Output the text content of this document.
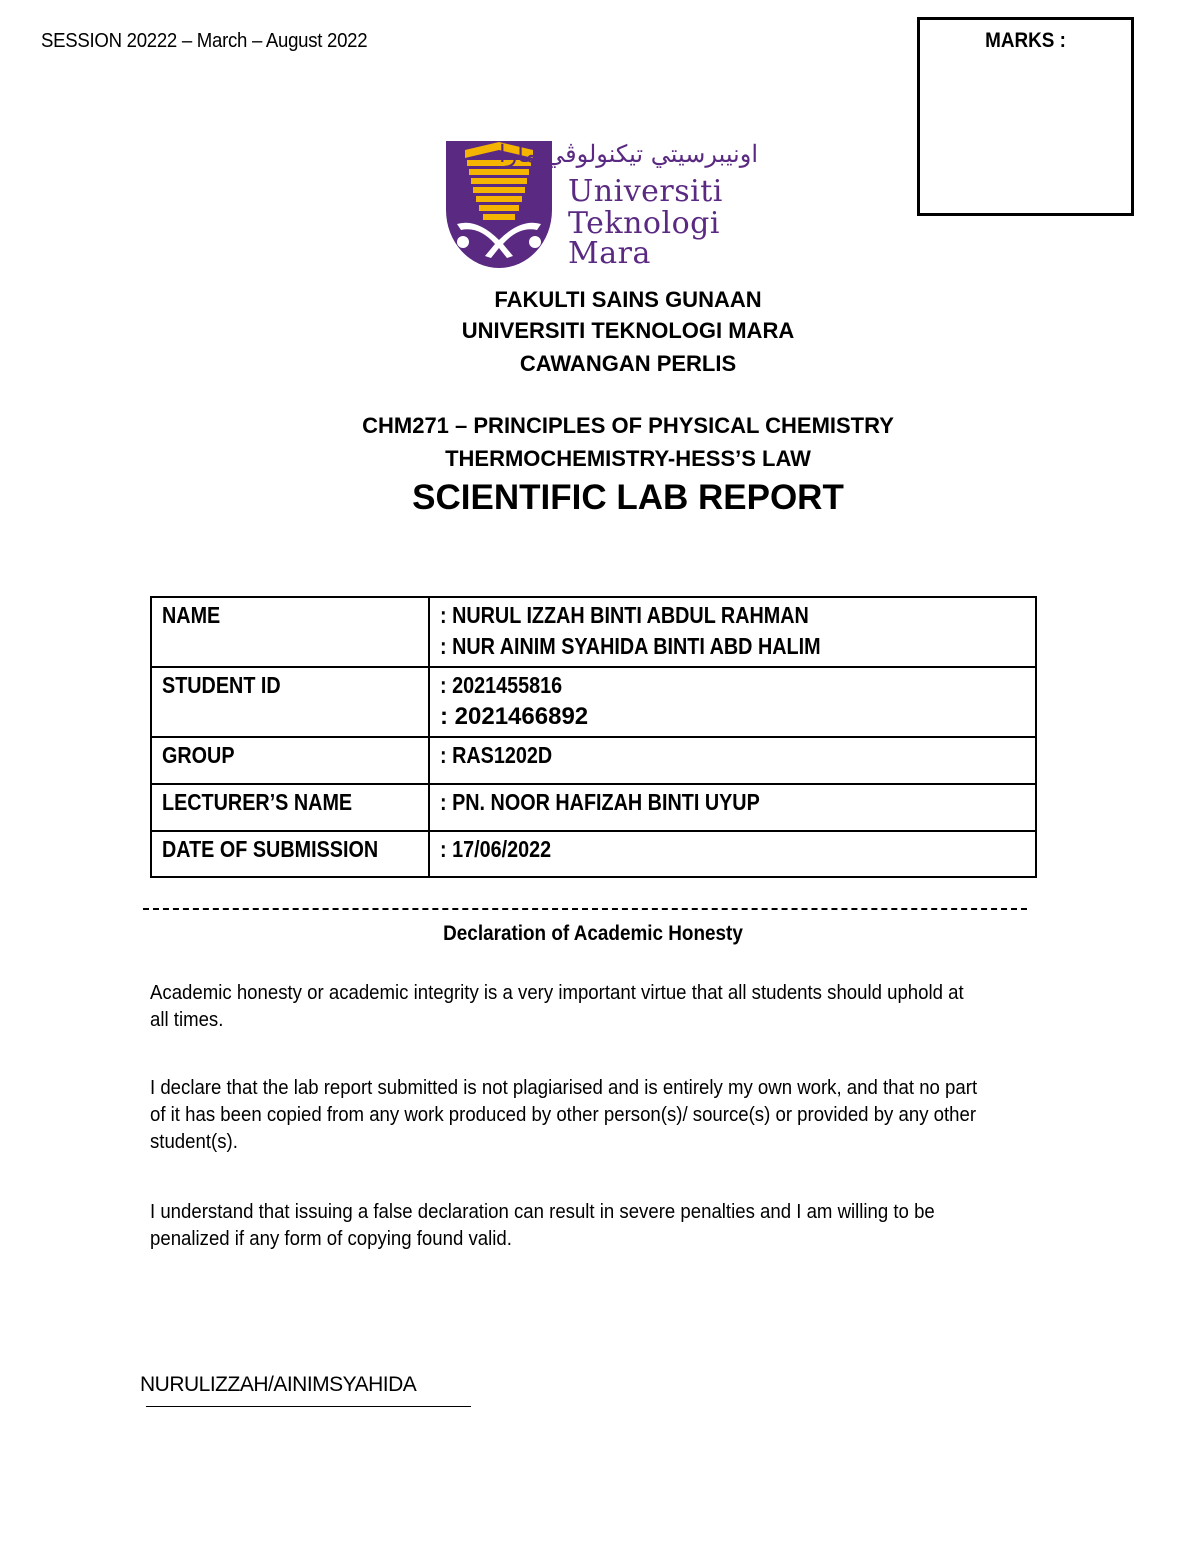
SESSION 20222 – March – August 2022	MARKS :
اونيبرسيتي تيکنولوڤي مارا
Universiti
Teknologi
Mara
FAKULTI SAINS GUNAAN
UNIVERSITI TEKNOLOGI MARA
CAWANGAN PERLIS
CHM271 – PRINCIPLES OF PHYSICAL CHEMISTRY
THERMOCHEMISTRY-HESS’S LAW
SCIENTIFIC LAB REPORT
NAME	: NURUL IZZAH BINTI ABDUL RAHMAN
: NUR AINIM SYAHIDA BINTI ABD HALIM

STUDENT ID	: 2021455816
: 2021466892

GROUP	: RAS1202D
LECTURER’S NAME	: PN. NOOR HAFIZAH BINTI UYUP
DATE OF SUBMISSION	: 17/06/2022
Declaration of Academic Honesty
Academic honesty or academic integrity is a very important virtue that all students should uphold at all times.
I declare that the lab report submitted is not plagiarised and is entirely my own work, and that no part of it has been copied from any work produced by other person(s)/ source(s) or provided by any other student(s).
I understand that issuing a false declaration can result in severe penalties and I am willing to be penalized if any form of copying found valid.
NURULIZZAH/AINIMSYAHIDA
